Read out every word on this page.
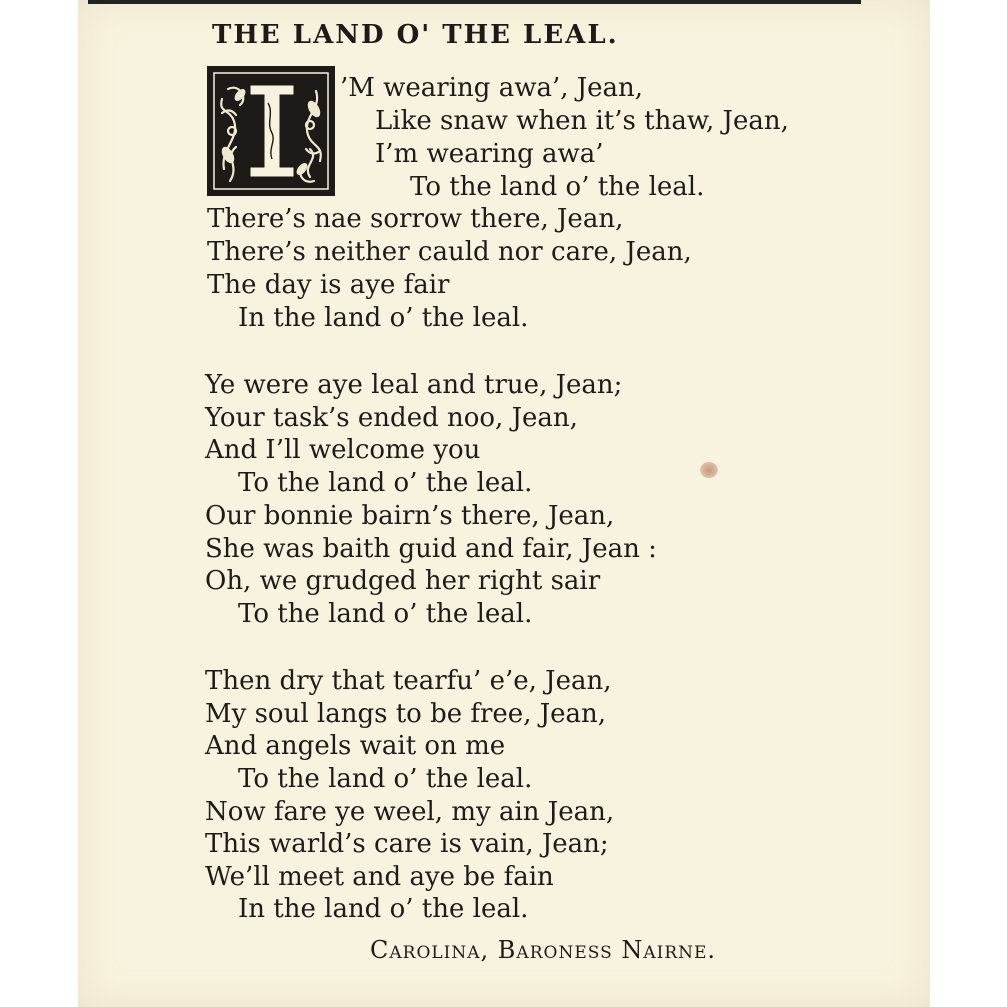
THE LAND O' THE LEAL.
’M wearing awa’, Jean,
Like snaw when it’s thaw, Jean,
I’m wearing awa’
To the land o’ the leal.
There’s nae sorrow there, Jean,
There’s neither cauld nor care, Jean,
The day is aye fair
In the land o’ the leal.
Ye were aye leal and true, Jean;
Your task’s ended noo, Jean,
And I’ll welcome you
To the land o’ the leal.
Our bonnie bairn’s there, Jean,
She was baith guid and fair, Jean :
Oh, we grudged her right sair
To the land o’ the leal.
Then dry that tearfu’ e’e, Jean,
My soul langs to be free, Jean,
And angels wait on me
To the land o’ the leal.
Now fare ye weel, my ain Jean,
This warld’s care is vain, Jean;
We’ll meet and aye be fain
In the land o’ the leal.
Carolina, Baroness Nairne.
